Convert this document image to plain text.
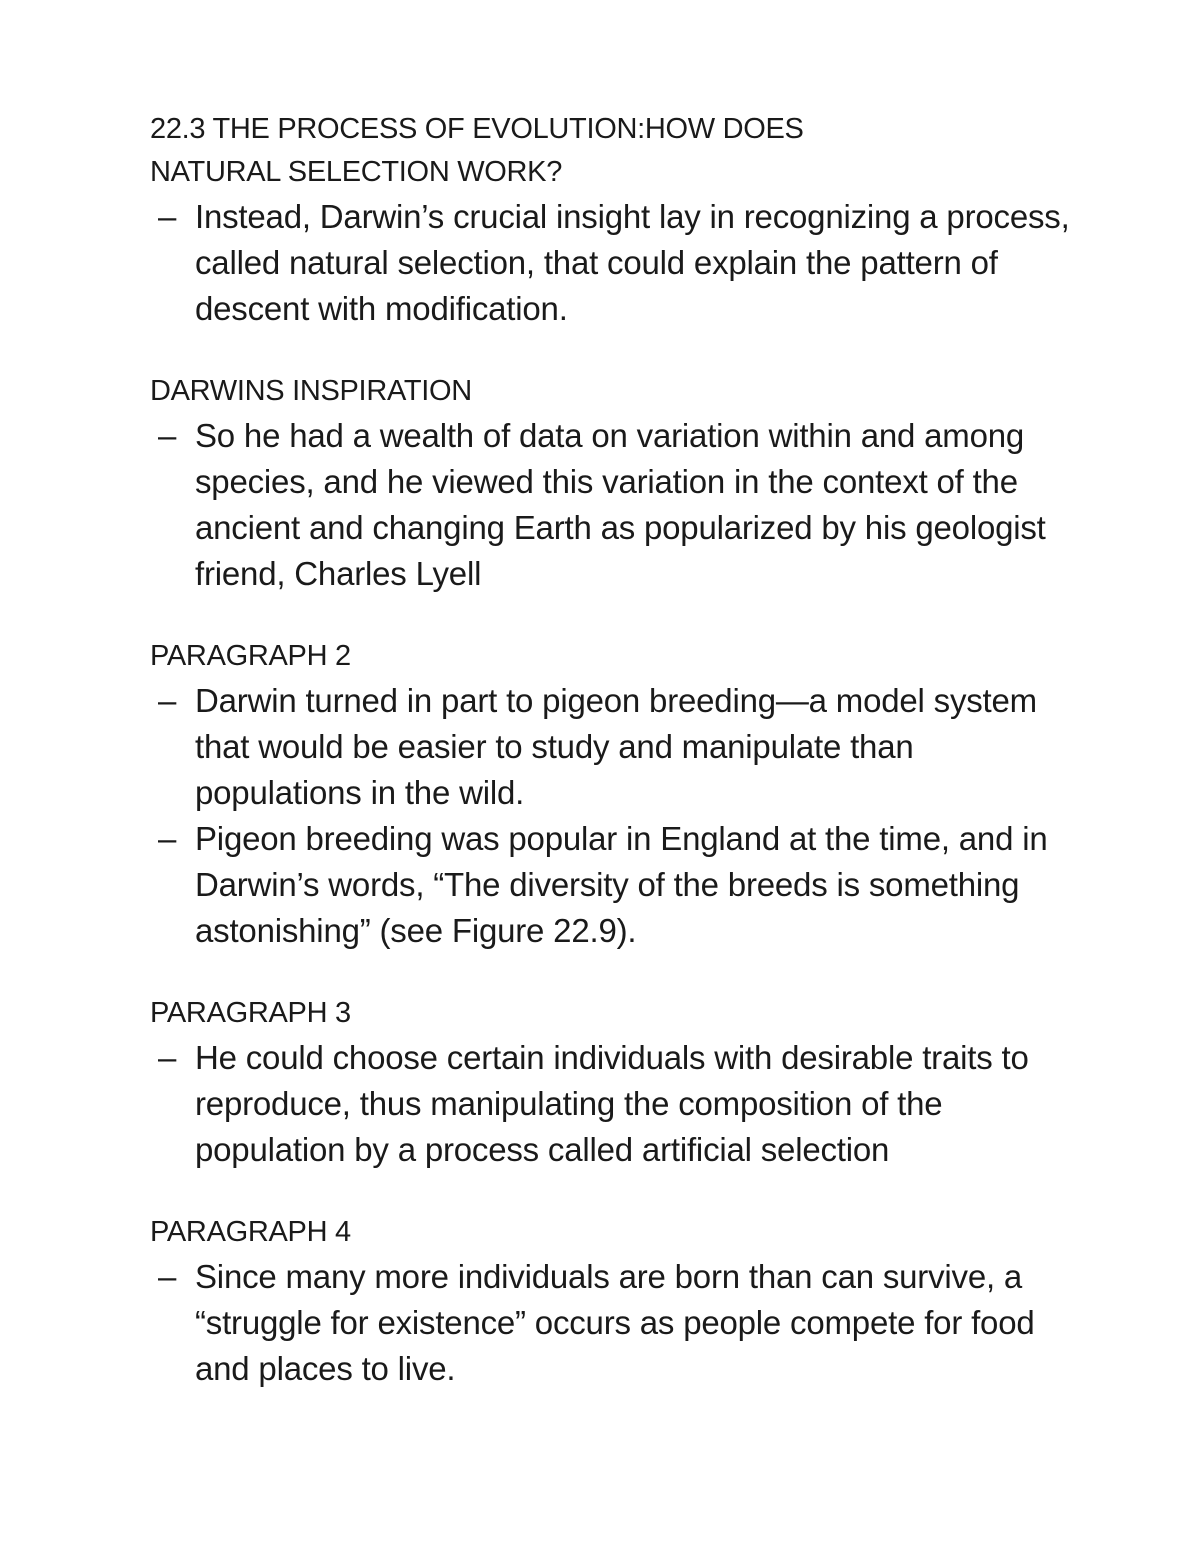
22.3 THE PROCESS OF EVOLUTION:HOW DOES
NATURAL SELECTION WORK?
– Instead, Darwin’s crucial insight lay in recognizing a process, called natural selection, that could explain the pattern of descent with modification.
DARWINS INSPIRATION
– So he had a wealth of data on variation within and among species, and he viewed this variation in the context of the ancient and changing Earth as popularized by his geologist friend, Charles Lyell
PARAGRAPH 2
– Darwin turned in part to pigeon breeding—a model system that would be easier to study and manipulate than populations in the wild.
– Pigeon breeding was popular in England at the time, and in Darwin’s words, “The diversity of the breeds is something astonishing” (see Figure 22.9).
PARAGRAPH 3
– He could choose certain individuals with desirable traits to reproduce, thus manipulating the composition of the population by a process called artificial selection
PARAGRAPH 4
– Since many more individuals are born than can survive, a “struggle for existence” occurs as people compete for food and places to live.
